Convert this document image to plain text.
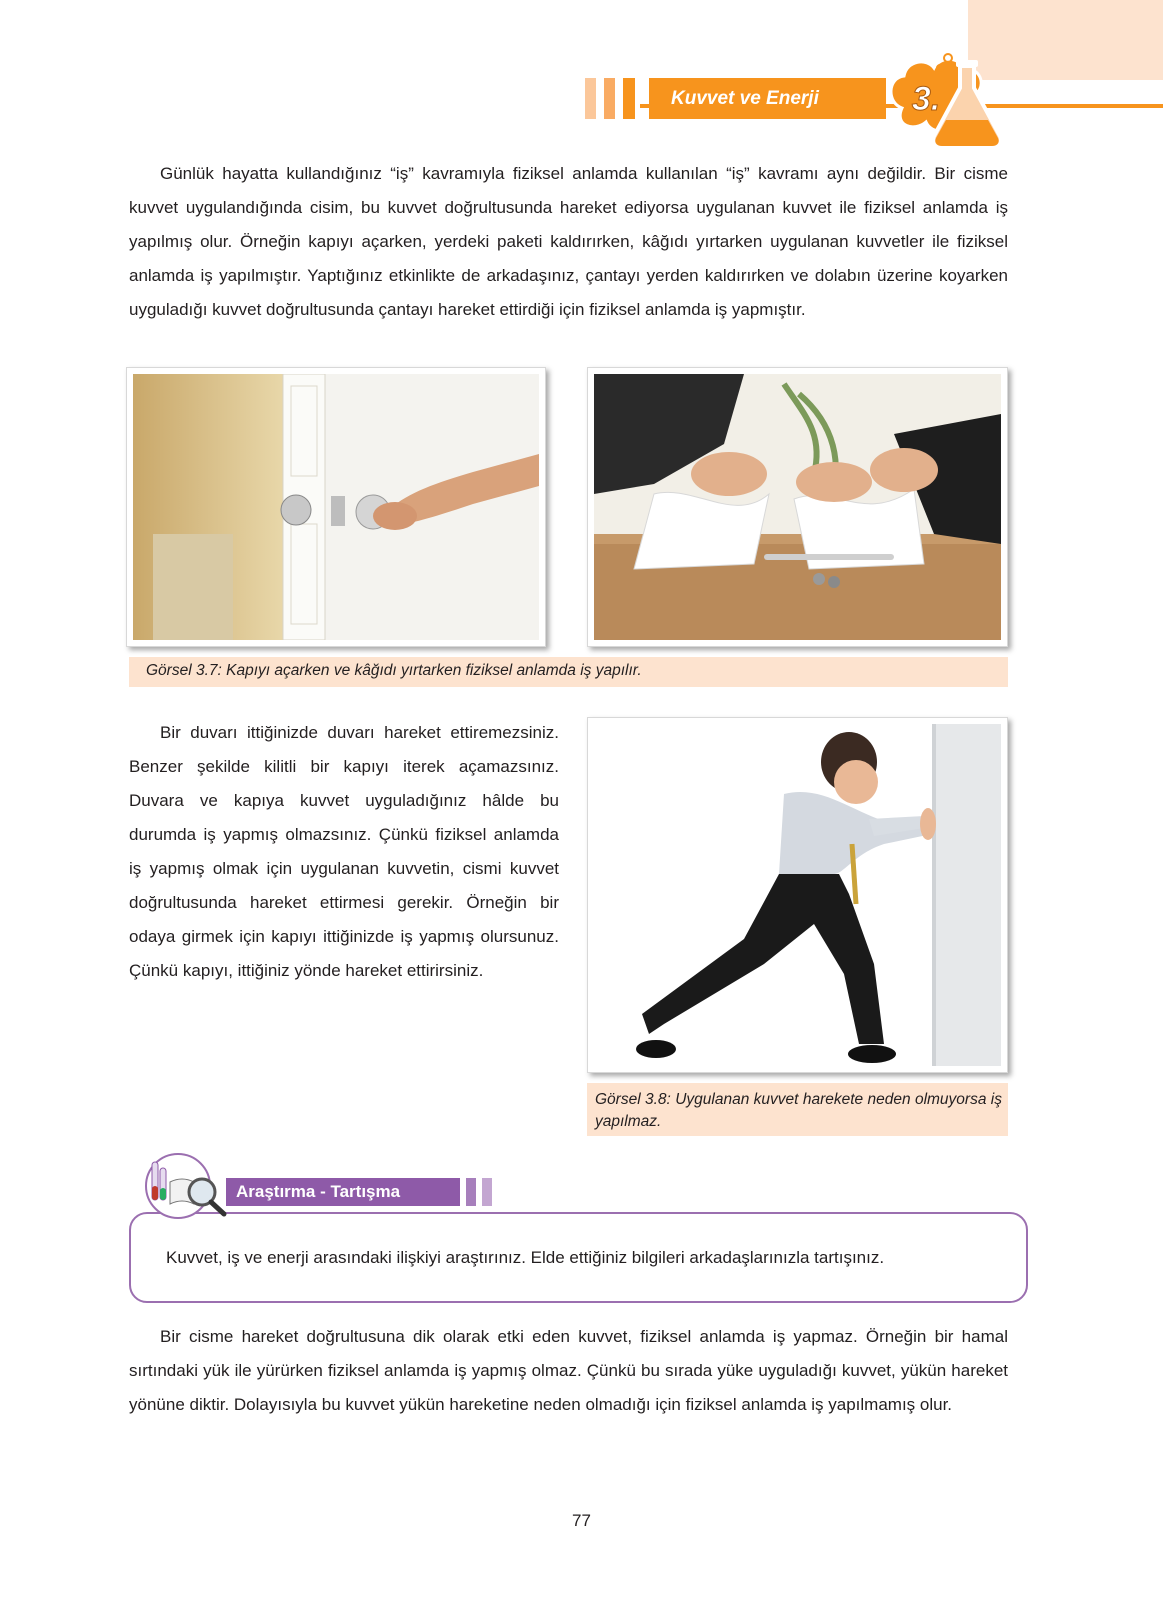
Kuvvet ve Enerji	3.
Günlük hayatta kullandığınız “iş” kavramıyla fiziksel anlamda kullanılan “iş” kavramı aynı değildir. Bir cisme kuvvet uygulandığında cisim, bu kuvvet doğrultusunda hareket ediyorsa uygulanan kuvvet ile fiziksel anlamda iş yapılmış olur. Örneğin kapıyı açarken, yerdeki paketi kaldırırken, kâğıdı yırtarken uygulanan kuvvetler ile fiziksel anlamda iş yapılmıştır. Yaptığınız etkinlikte de arkadaşınız, çantayı yerden kaldırırken ve dolabın üzerine koyarken uyguladığı kuvvet doğrultusunda çantayı hareket ettirdiği için fiziksel anlamda iş yapmıştır.
Görsel 3.7: Kapıyı açarken ve kâğıdı yırtarken fiziksel anlamda iş yapılır.
Bir duvarı ittiğinizde duvarı hareket ettiremezsiniz. Benzer şekilde kilitli bir kapıyı iterek açamazsınız. Duvara ve kapıya kuvvet uyguladığınız hâlde bu durumda iş yapmış olmazsınız. Çünkü fiziksel anlamda iş yapmış olmak için uygulanan kuvvetin, cismi kuvvet doğrultusunda hareket ettirmesi gerekir. Örneğin bir odaya girmek için kapıyı ittiğinizde iş yapmış olursunuz. Çünkü kapıyı, ittiğiniz yönde hareket ettirirsiniz.
Görsel 3.8: Uygulanan kuvvet harekete neden olmuyorsa iş yapılmaz.
Araştırma - Tartışma
Kuvvet, iş ve enerji arasındaki ilişkiyi araştırınız. Elde ettiğiniz bilgileri arkadaşlarınızla tartışınız.
Bir cisme hareket doğrultusuna dik olarak etki eden kuvvet, fiziksel anlamda iş yapmaz. Örneğin bir hamal sırtındaki yük ile yürürken fiziksel anlamda iş yapmış olmaz. Çünkü bu sırada yüke uyguladığı kuvvet, yükün hareket yönüne diktir. Dolayısıyla bu kuvvet yükün hareketine neden olmadığı için fiziksel anlamda iş yapılmamış olur.
77
